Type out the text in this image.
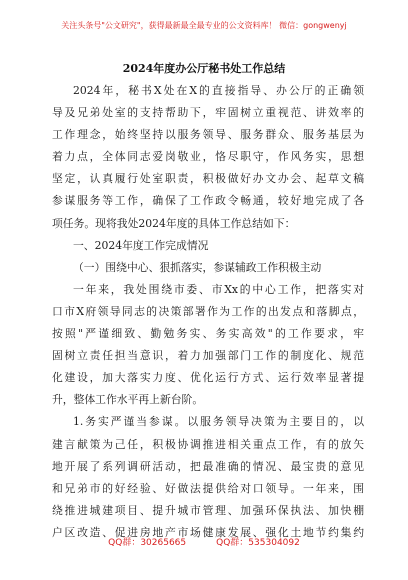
关注头条号"公文研究"，获得最新最全最专业的公文资料库！ 微信：gongwenyj
2024年度办公厅秘书处工作总结
2024年，秘书X处在X的直接指导、办公厅的正确领
导及兄弟处室的支持帮助下，牢固树立重视范、讲效率的
工作理念，始终坚持以服务领导、服务群众、服务基层为
着力点，全体同志爱岗敬业，恪尽职守，作风务实，思想
坚定，认真履行处室职责，积极做好办文办会、起草文稿
参谋服务等工作，确保了工作政令畅通，较好地完成了各
项任务。现将我处2024年度的具体工作总结如下：
一、2024年度工作完成情况
（一）围绕中心、狠抓落实，参谋辅政工作积极主动
一年来，我处围绕市委、市Xx的中心工作，把落实对
口市X府领导同志的决策部署作为工作的出发点和落脚点，
按照"严谨细致、勤勉务实、务实高效"的工作要求，牢
固树立责任担当意识，着力加强部门工作的制度化、规范
化建设，加大落实力度、优化运行方式、运行效率显著提
升，整体工作水平再上新台阶。
1.务实严谨当参谋。以服务领导决策为主要目的，以
建言献策为己任，积极协调推进相关重点工作，有的放矢
地开展了系列调研活动，把最准确的情况、最宝贵的意见
和兄弟市的好经验、好做法提供给对口领导。一年来，围
绕推进城建项目、提升城市管理、加强环保执法、加快棚
户区改造、促进房地产市场健康发展、强化土地节约集约
QQ群：30265665	QQ群：535304092
